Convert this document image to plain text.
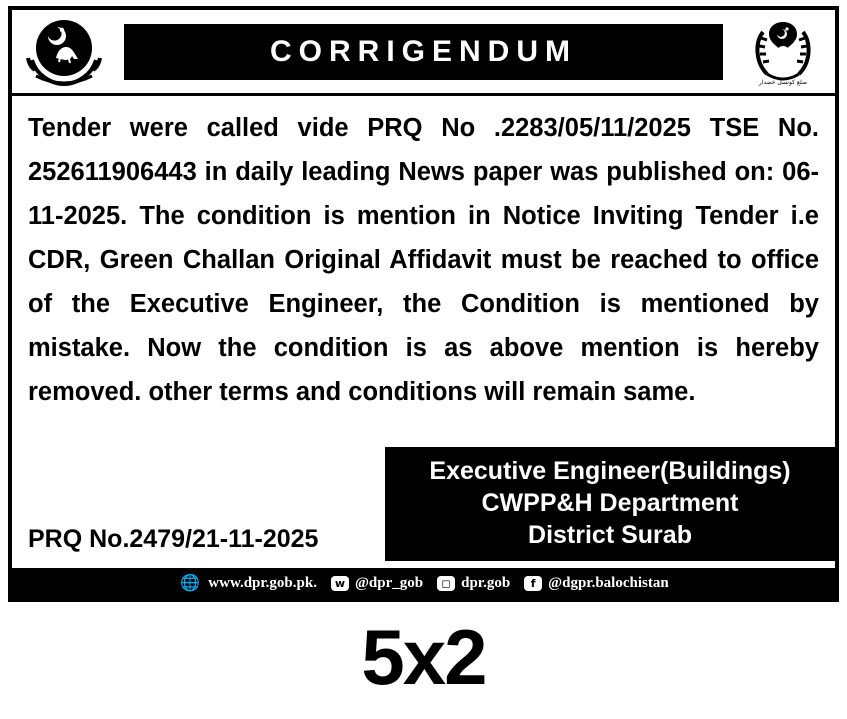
CORRIGENDUM
ضلع کونسل خضدار
Tender were called vide PRQ No .2283/05/11/2025 TSE No. 252611906443 in daily leading News paper was published on: 06-11-2025. The condition is mention in Notice Inviting Tender i.e CDR, Green Challan Original Affidavit must be reached to office of the Executive Engineer, the Condition is mentioned by mistake. Now the condition is as above mention is hereby removed. other terms and conditions will remain same.
Executive Engineer(Buildings)
CWPP&H Department
District Surab
PRQ No.2479/21-11-2025
🌐 www.dpr.gob.pk.	w @dpr_gob	◻ dpr.gob	f @dgpr.balochistan
5x2
